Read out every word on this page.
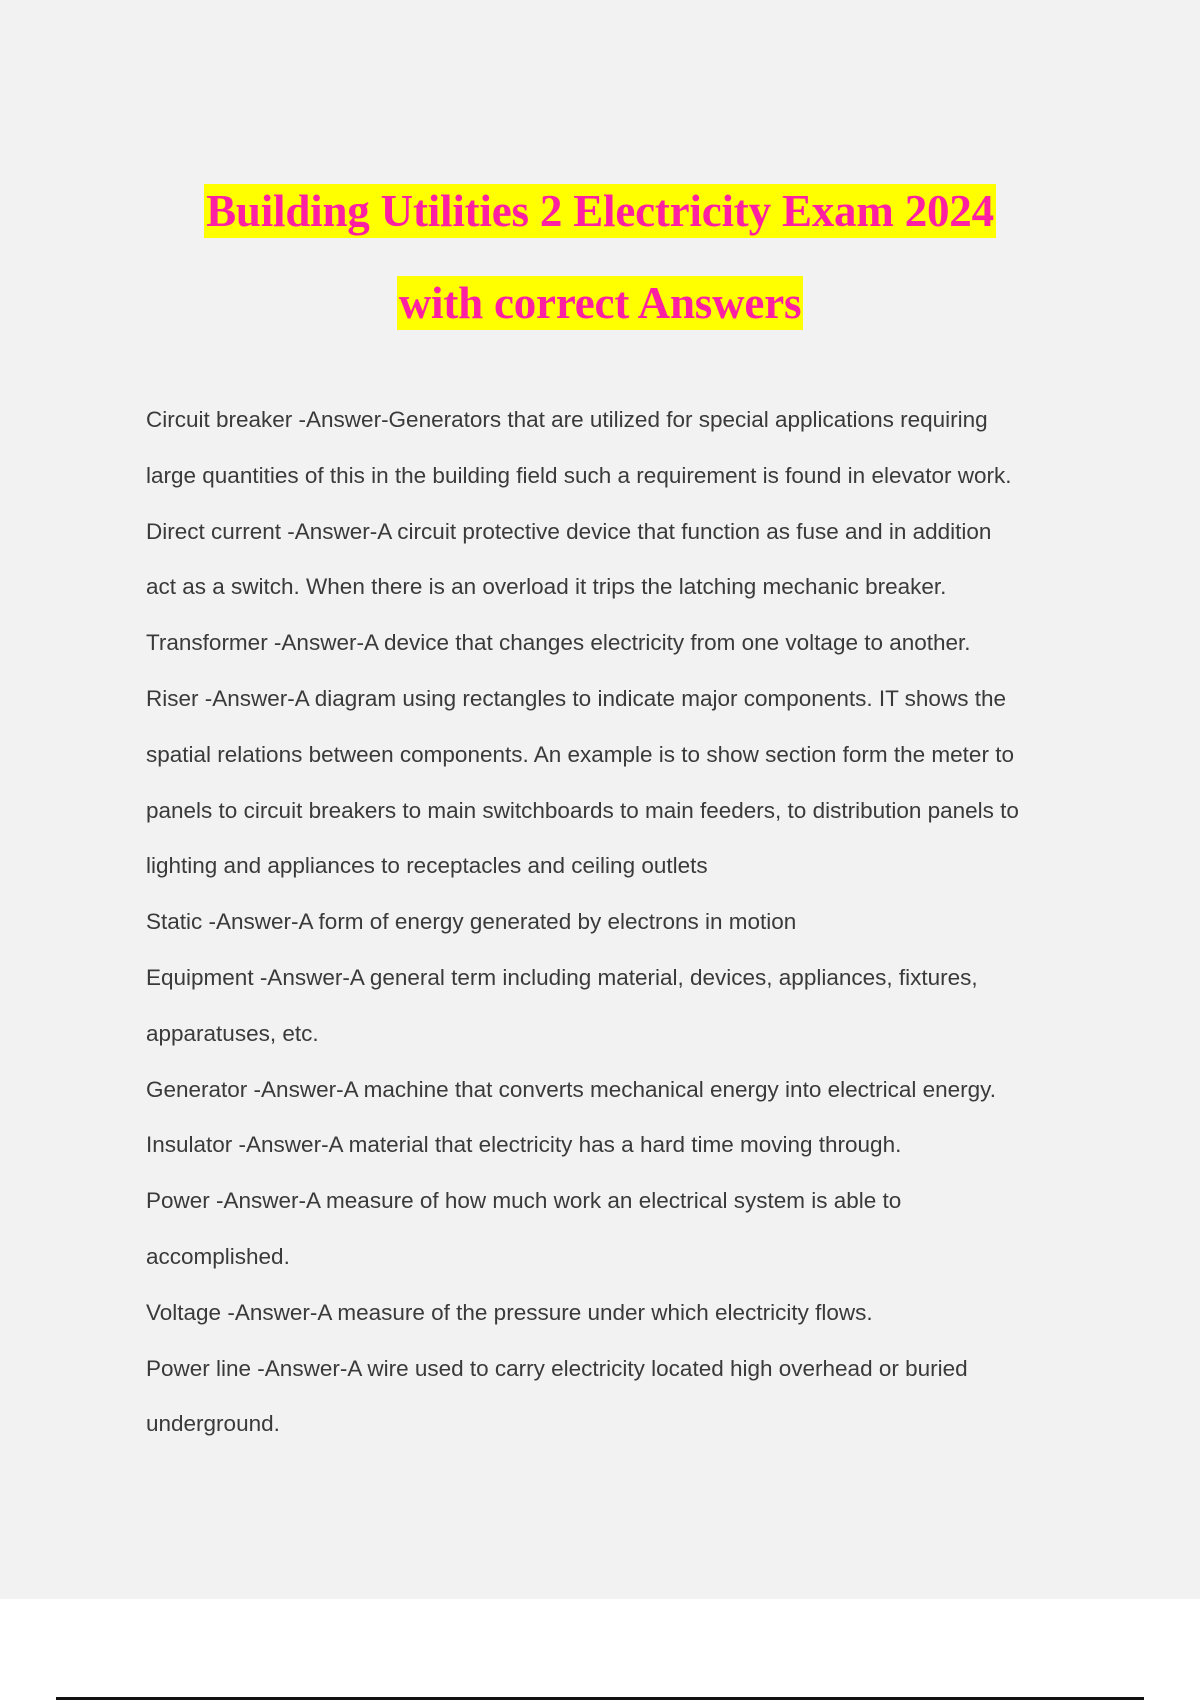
Building Utilities 2 Electricity Exam 2024
with correct Answers
Circuit breaker -Answer-Generators that are utilized for special applications requiring
large quantities of this in the building field such a requirement is found in elevator work.
Direct current -Answer-A circuit protective device that function as fuse and in addition
act as a switch. When there is an overload it trips the latching mechanic breaker.
Transformer -Answer-A device that changes electricity from one voltage to another.
Riser -Answer-A diagram using rectangles to indicate major components. IT shows the
spatial relations between components. An example is to show section form the meter to
panels to circuit breakers to main switchboards to main feeders, to distribution panels to
lighting and appliances to receptacles and ceiling outlets
Static -Answer-A form of energy generated by electrons in motion
Equipment -Answer-A general term including material, devices, appliances, fixtures,
apparatuses, etc.
Generator -Answer-A machine that converts mechanical energy into electrical energy.
Insulator -Answer-A material that electricity has a hard time moving through.
Power -Answer-A measure of how much work an electrical system is able to
accomplished.
Voltage -Answer-A measure of the pressure under which electricity flows.
Power line -Answer-A wire used to carry electricity located high overhead or buried
underground.
